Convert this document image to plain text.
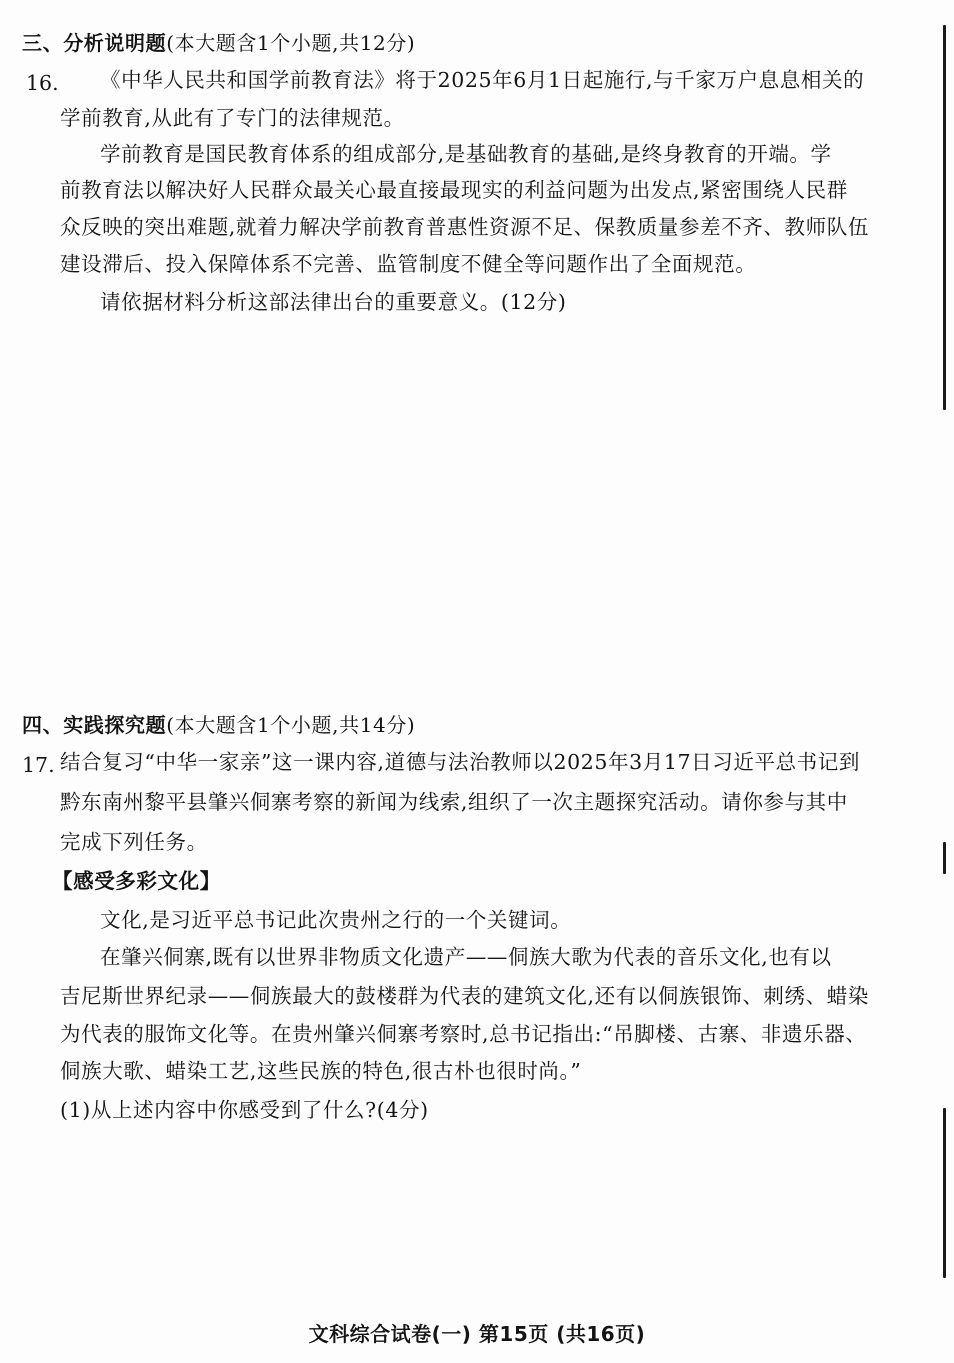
三、分析说明题(本大题含1个小题,共12分)
16. 《中华人民共和国学前教育法》将于2025年6月1日起施行,与千家万户息息相关的
学前教育,从此有了专门的法律规范。
学前教育是国民教育体系的组成部分,是基础教育的基础,是终身教育的开端。学
前教育法以解决好人民群众最关心最直接最现实的利益问题为出发点,紧密围绕人民群
众反映的突出难题,就着力解决学前教育普惠性资源不足、保教质量参差不齐、教师队伍
建设滞后、投入保障体系不完善、监管制度不健全等问题作出了全面规范。
请依据材料分析这部法律出台的重要意义。(12分)
四、实践探究题(本大题含1个小题,共14分)
17. 结合复习“中华一家亲”这一课内容,道德与法治教师以2025年3月17日习近平总书记到
黔东南州黎平县肇兴侗寨考察的新闻为线索,组织了一次主题探究活动。请你参与其中
完成下列任务。
【感受多彩文化】
文化,是习近平总书记此次贵州之行的一个关键词。
在肇兴侗寨,既有以世界非物质文化遗产——侗族大歌为代表的音乐文化,也有以
吉尼斯世界纪录——侗族最大的鼓楼群为代表的建筑文化,还有以侗族银饰、刺绣、蜡染
为代表的服饰文化等。在贵州肇兴侗寨考察时,总书记指出:“吊脚楼、古寨、非遗乐器、
侗族大歌、蜡染工艺,这些民族的特色,很古朴也很时尚。”
(1)从上述内容中你感受到了什么?(4分)
文科综合试卷(一) 第15页 (共16页)
